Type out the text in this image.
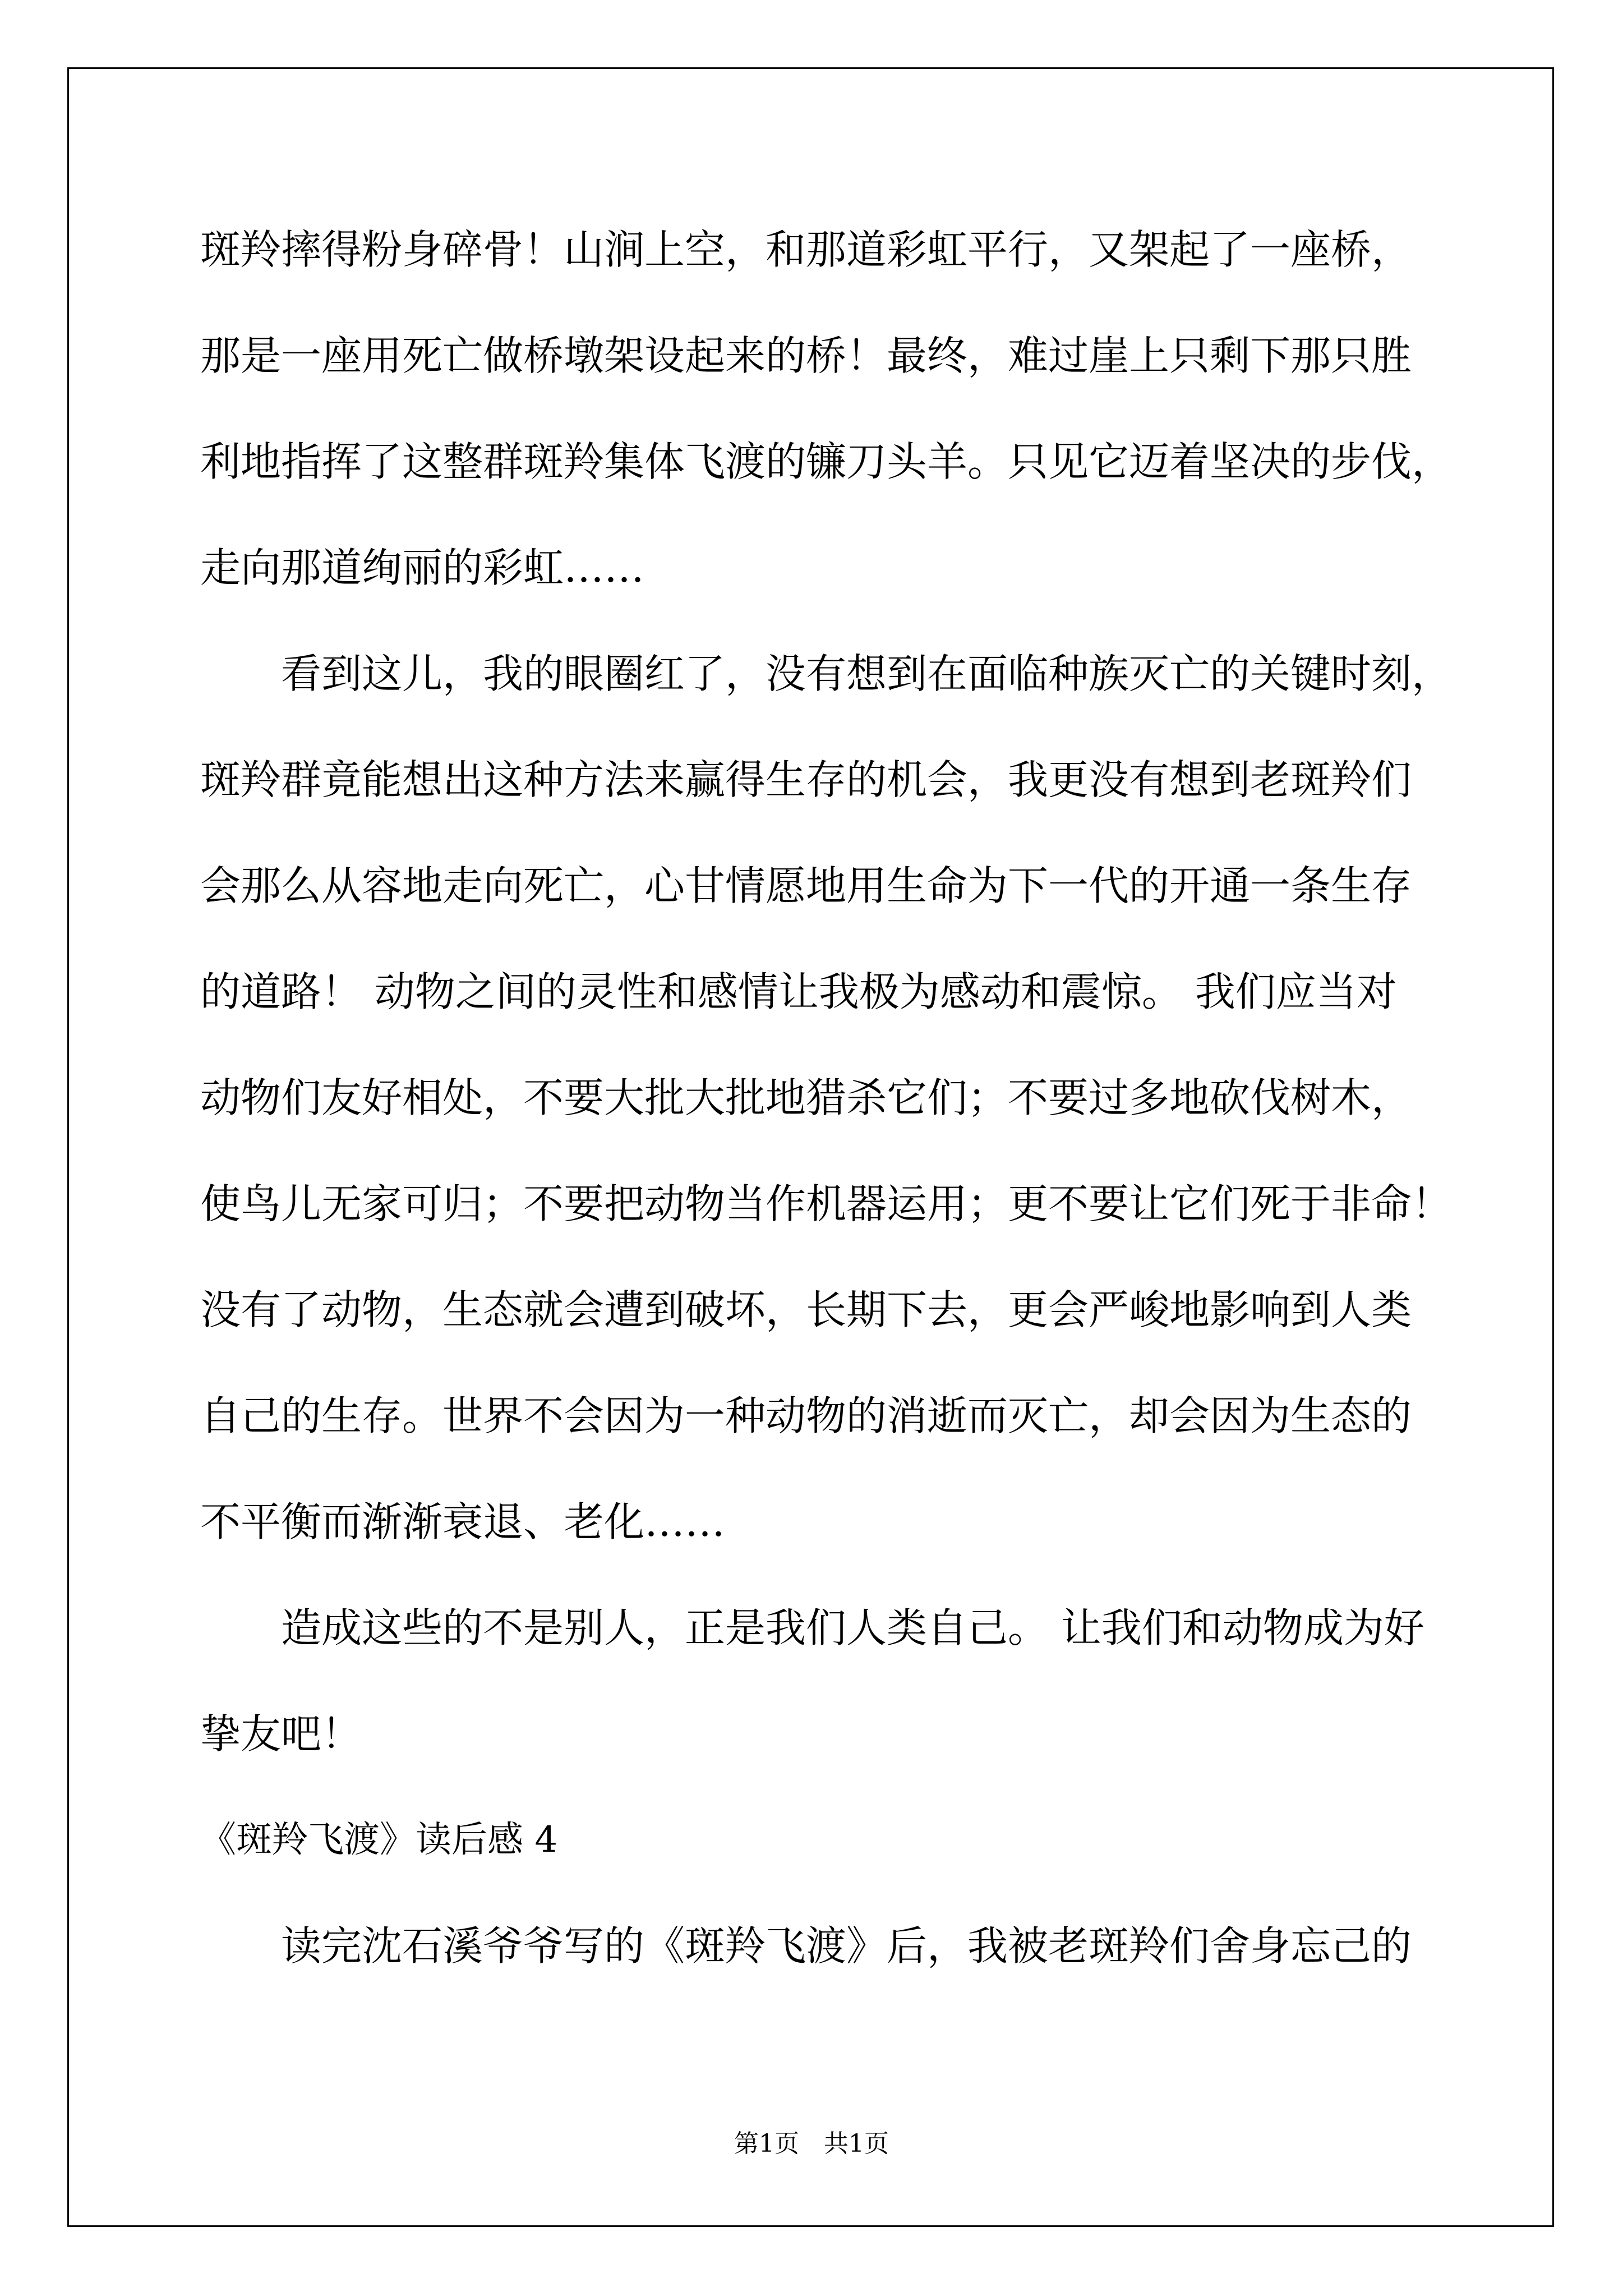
斑羚摔得粉身碎骨！山涧上空，和那道彩虹平行，又架起了一座桥，
那是一座用死亡做桥墩架设起来的桥！最终，难过崖上只剩下那只胜
利地指挥了这整群斑羚集体飞渡的镰刀头羊。只见它迈着坚决的步伐，
走向那道绚丽的彩虹……
看到这儿，我的眼圈红了，没有想到在面临种族灭亡的关键时刻，
斑羚群竟能想出这种方法来赢得生存的机会，我更没有想到老斑羚们
会那么从容地走向死亡，心甘情愿地用生命为下一代的开通一条生存
的道路！ 动物之间的灵性和感情让我极为感动和震惊。 我们应当对
动物们友好相处，不要大批大批地猎杀它们；不要过多地砍伐树木，
使鸟儿无家可归；不要把动物当作机器运用；更不要让它们死于非命！
没有了动物，生态就会遭到破坏，长期下去，更会严峻地影响到人类
自己的生存。世界不会因为一种动物的消逝而灭亡，却会因为生态的
不平衡而渐渐衰退、老化……
造成这些的不是别人，正是我们人类自己。 让我们和动物成为好
挚友吧！
《斑羚飞渡》读后感 4
读完沈石溪爷爷写的《斑羚飞渡》后，我被老斑羚们舍身忘己的
第1页　共1页
